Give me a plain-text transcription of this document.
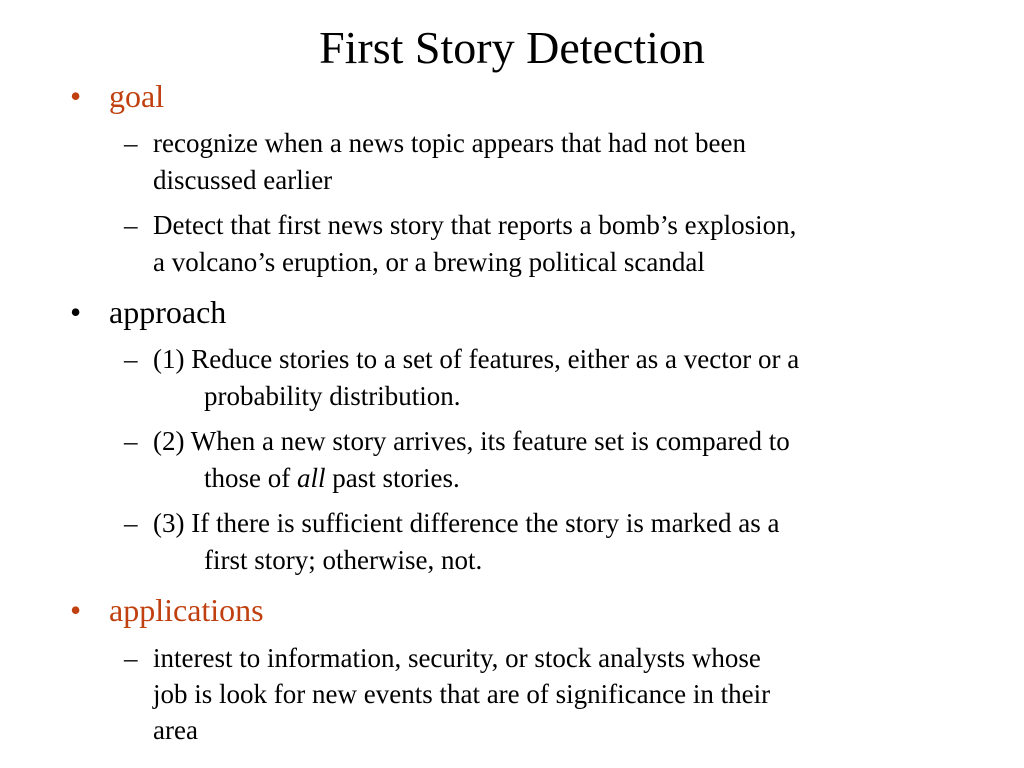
First Story Detection
• goal
– recognize when a news topic appears that had not been
discussed earlier
– Detect that first news story that reports a bomb’s explosion,
a volcano’s eruption, or a brewing political scandal
• approach
– (1) Reduce stories to a set of features, either as a vector or a
probability distribution.
– (2) When a new story arrives, its feature set is compared to
those of all past stories.
– (3) If there is sufficient difference the story is marked as a
first story; otherwise, not.
• applications
– interest to information, security, or stock analysts whose
job is look for new events that are of significance in their
area
